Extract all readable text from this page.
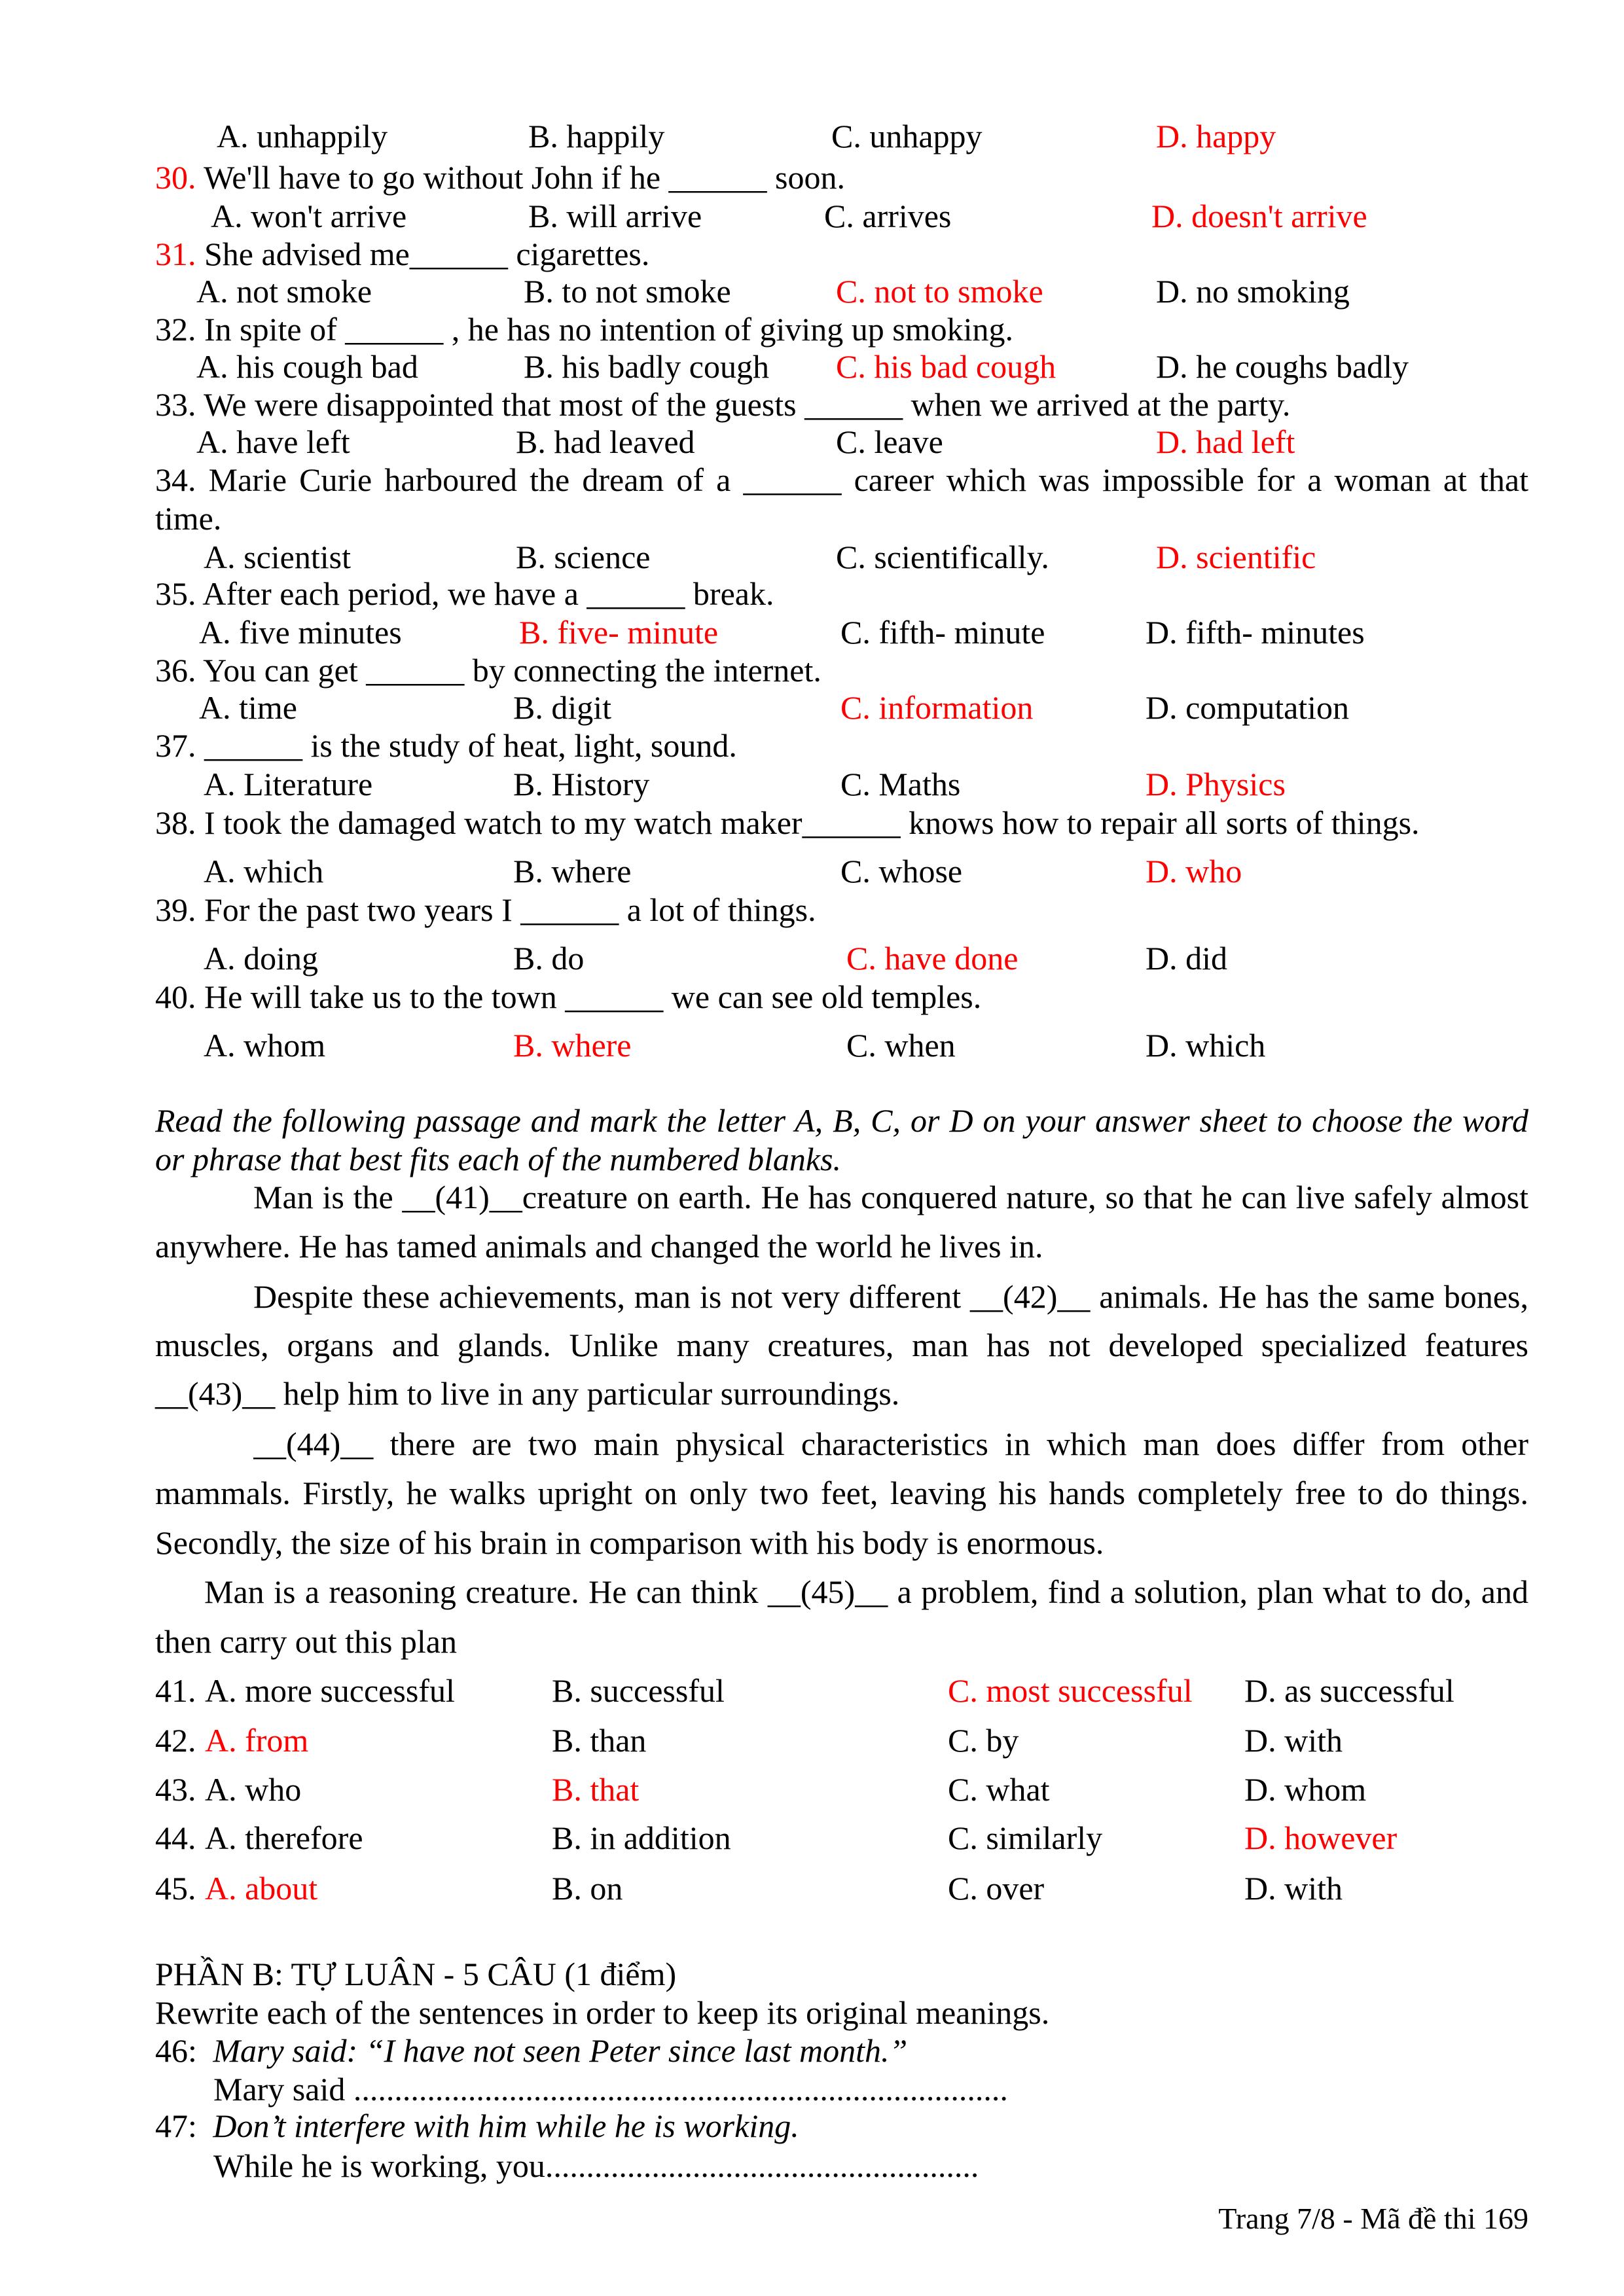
A. unhappily	B. happily	C. unhappy	D. happy
30. We'll have to go without John if he ______ soon.
A. won't arrive	B. will arrive	C. arrives	D. doesn't arrive
31. She advised me______ cigarettes.
A. not smoke	B. to not smoke	C. not to smoke	D. no smoking
32. In spite of ______ , he has no intention of giving up smoking.
A. his cough bad	B. his badly cough C. his bad cough	D. he coughs badly
33. We were disappointed that most of the guests ______ when we arrived at the party.
A. have left	B. had leaved	C. leave	D. had left
34. Marie Curie harboured the dream of a ______ career which was impossible for a woman at that
time.
A. scientist	B. science	C. scientifically.	D. scientific
35. After each period, we have a ______ break.
A. five minutes	B. five- minute	C. fifth- minute	D. fifth- minutes
36. You can get ______ by connecting the internet.
A. time	B. digit	C. information	D. computation
37. ______ is the study of heat, light, sound.
A. Literature	B. History	C. Maths	D. Physics
38. I took the damaged watch to my watch maker______ knows how to repair all sorts of things.
A. which	B. where	C. whose	D. who
39. For the past two years I ______ a lot of things.
A. doing	B. do	C. have done	D. did
40. He will take us to the town ______ we can see old temples.
A. whom	B. where	C. when	D. which
Read the following passage and mark the letter A, B, C, or D on your answer sheet to choose the word
or phrase that best fits each of the numbered blanks.
Man is the __(41)__creature on earth. He has conquered nature, so that he can live safely almost
anywhere. He has tamed animals and changed the world he lives in.
Despite these achievements, man is not very different __(42)__ animals. He has the same bones,
muscles, organs and glands. Unlike many creatures, man has not developed specialized features
__(43)__ help him to live in any particular surroundings.
__(44)__ there are two main physical characteristics in which man does differ from other
mammals. Firstly, he walks upright on only two feet, leaving his hands completely free to do things.
Secondly, the size of his brain in comparison with his body is enormous.
Man is a reasoning creature. He can think __(45)__ a problem, find a solution, plan what to do, and
then carry out this plan
41. A. more successful	B. successful	C. most successful D. as successful
42. A. from	B. than	C. by	D. with
43. A. who	B. that	C. what	D. whom
44. A. therefore	B. in addition	C. similarly	D. however
45. A. about	B. on	C. over	D. with
PHẦN B: TỰ LUÂN - 5 CÂU (1 điểm)
Rewrite each of the sentences in order to keep its original meanings.
46: Mary said: “I have not seen Peter since last month.”
Mary said ................................................................................
47: Don’t interfere with him while he is working.
While he is working, you.....................................................
Trang 7/8 - Mã đề thi 169
